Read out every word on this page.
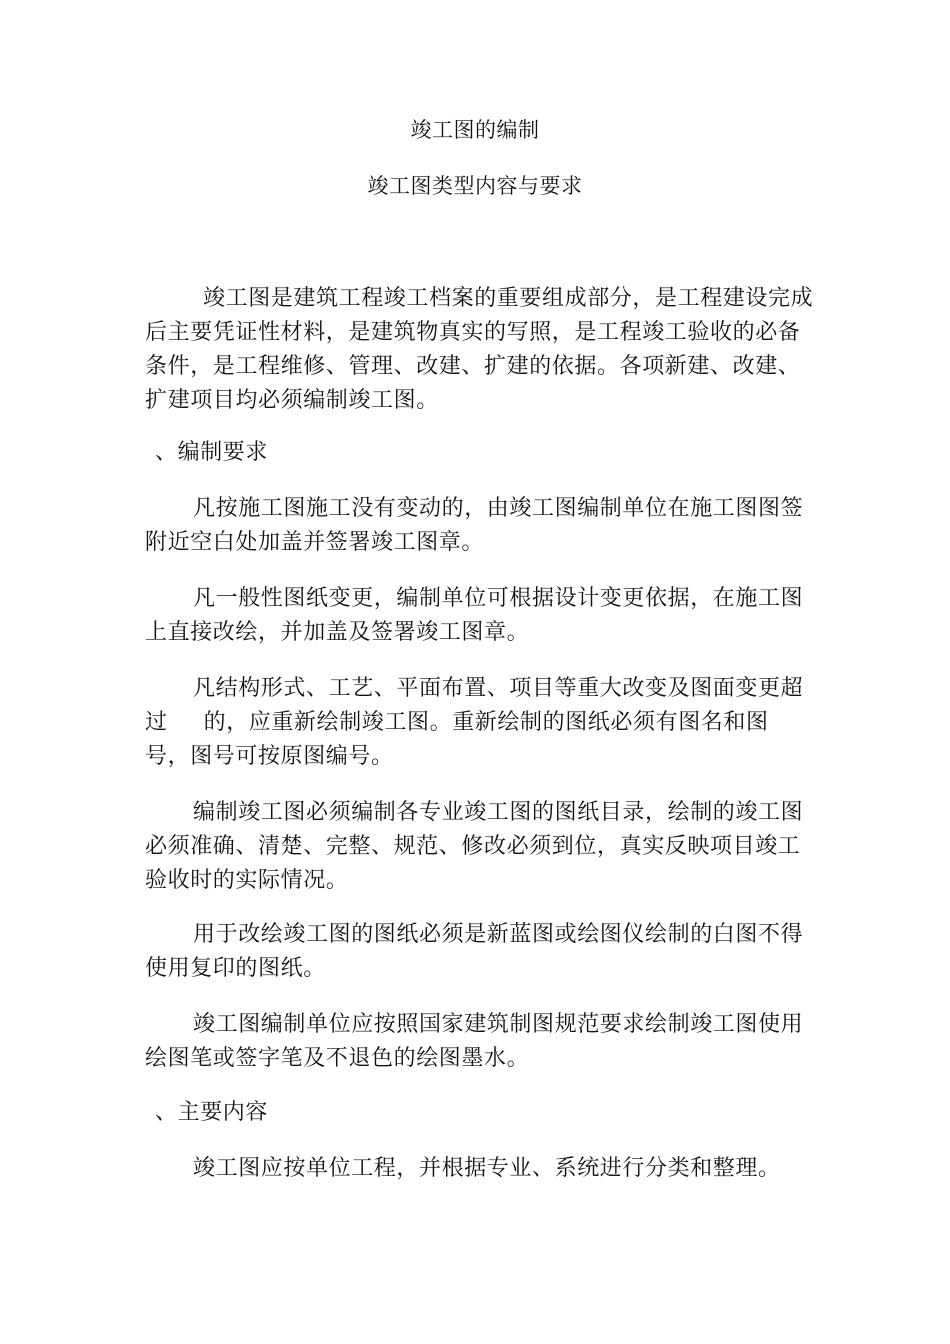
竣工图的编制
竣工图类型内容与要求
竣工图是建筑工程竣工档案的重要组成部分，是工程建设完成
后主要凭证性材料，是建筑物真实的写照，是工程竣工验收的必备
条件，是工程维修、管理、改建、扩建的依据。各项新建、改建、
扩建项目均必须编制竣工图。
、编制要求
凡按施工图施工没有变动的，由竣工图编制单位在施工图图签
附近空白处加盖并签署竣工图章。
凡一般性图纸变更，编制单位可根据设计变更依据，在施工图
上直接改绘，并加盖及签署竣工图章。
凡结构形式、工艺、平面布置、项目等重大改变及图面变更超
过 的，应重新绘制竣工图。重新绘制的图纸必须有图名和图
号，图号可按原图编号。
编制竣工图必须编制各专业竣工图的图纸目录，绘制的竣工图
必须准确、清楚、完整、规范、修改必须到位，真实反映项目竣工
验收时的实际情况。
用于改绘竣工图的图纸必须是新蓝图或绘图仪绘制的白图不得
使用复印的图纸。
竣工图编制单位应按照国家建筑制图规范要求绘制竣工图使用
绘图笔或签字笔及不退色的绘图墨水。
、主要内容
竣工图应按单位工程，并根据专业、系统进行分类和整理。
